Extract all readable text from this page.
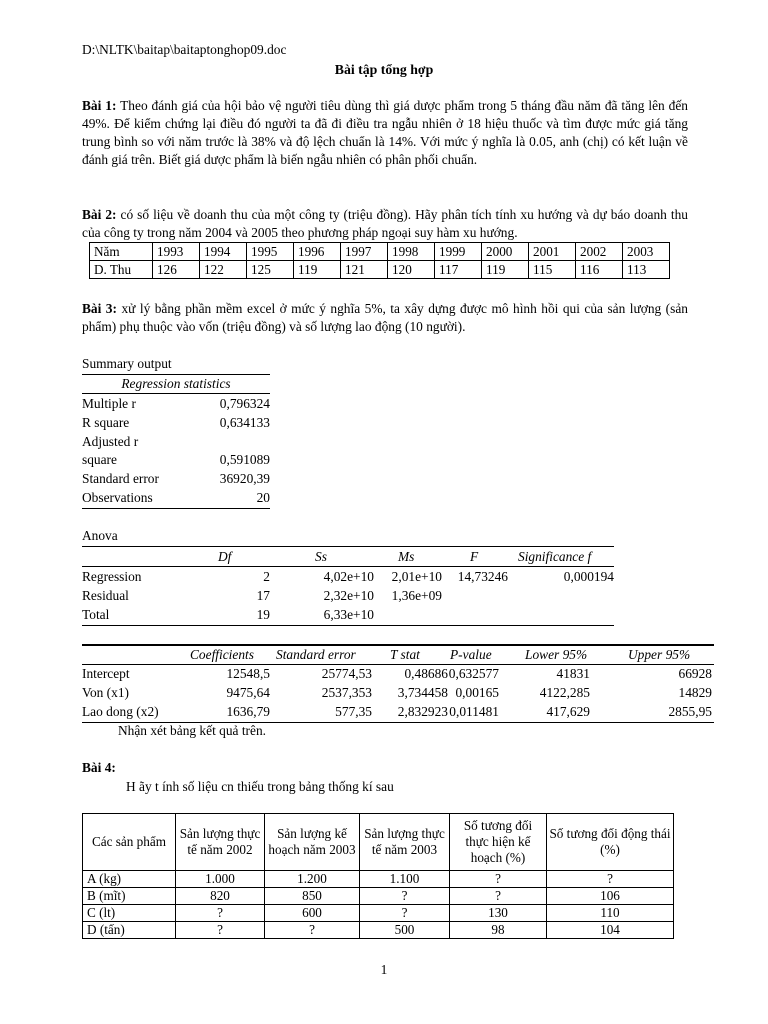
D:\NLTK\baitap\baitaptonghop09.doc
Bài tập tổng hợp
Bài 1: Theo đánh giá của hội bảo vệ người tiêu dùng thì giá dược phẩm trong 5 tháng đầu năm đã tăng lên đến 49%. Để kiểm chứng lại điều đó người ta đã đi điều tra ngẫu nhiên ở 18 hiệu thuốc và tìm được mức giá tăng trung bình so với năm trước là 38% và độ lệch chuẩn là 14%. Với mức ý nghĩa là 0.05, anh (chị) có kết luận về đánh giá trên. Biết giá dược phẩm là biến ngẫu nhiên có phân phối chuẩn.
Bài 2: có số liệu về doanh thu của một công ty (triệu đồng). Hãy phân tích tính xu hướng và dự báo doanh thu của công ty trong năm 2004 và 2005 theo phương pháp ngoại suy hàm xu hướng.
Năm	1993	1994	1995	1996	1997	1998	1999	2000	2001	2002	2003
D. Thu	126	122	125	119	121	120	117	119	115	116	113
Bài 3: xử lý bằng phần mềm excel ở mức ý nghĩa 5%, ta xây dựng được mô hình hồi qui của sản lượng (sản phẩm) phụ thuộc vào vốn (triệu đồng) và số lượng lao động (10 người).
Summary output
Regression statistics
Multiple r	0,796324
R square	0,634133
Adjusted r
square	0,591089
Standard error	36920,39
Observations	20
Anova
Df	Ss	Ms	F	Significance f
Regression	2	4,02e+10 2,01e+10 14,73246	0,000194
Residual	17	2,32e+10 1,36e+09
Total	19	6,33e+10
Coefficients Standard error	T stat P-value Lower 95%	Upper 95%
Intercept	12548,5	25774,53 0,48686 0,632577	41831	66928
Von (x1)	9475,64	2537,353 3,734458 0,00165	4122,285	14829
Lao dong (x2)	1636,79	577,35 2,832923 0,011481	417,629	2855,95
Nhận xét bảng kết quả trên.
Bài 4:
H ãy t ính số liệu cn thiếu trong bảng thống kí sau
Các sản phẩm	Sản lượng thực tế năm 2002	Sản lượng kế hoạch năm 2003	Sản lượng thực tế năm 2003	Số tương đối thực hiện kế hoạch (%)	Số tương đối động thái (%)
A (kg)	1.000	1.200	1.100	?	?
B (mĩt)	820	850	?	?	106
C (lt)	?	600	?	130	110
D (tấn)	?	?	500	98	104
1
